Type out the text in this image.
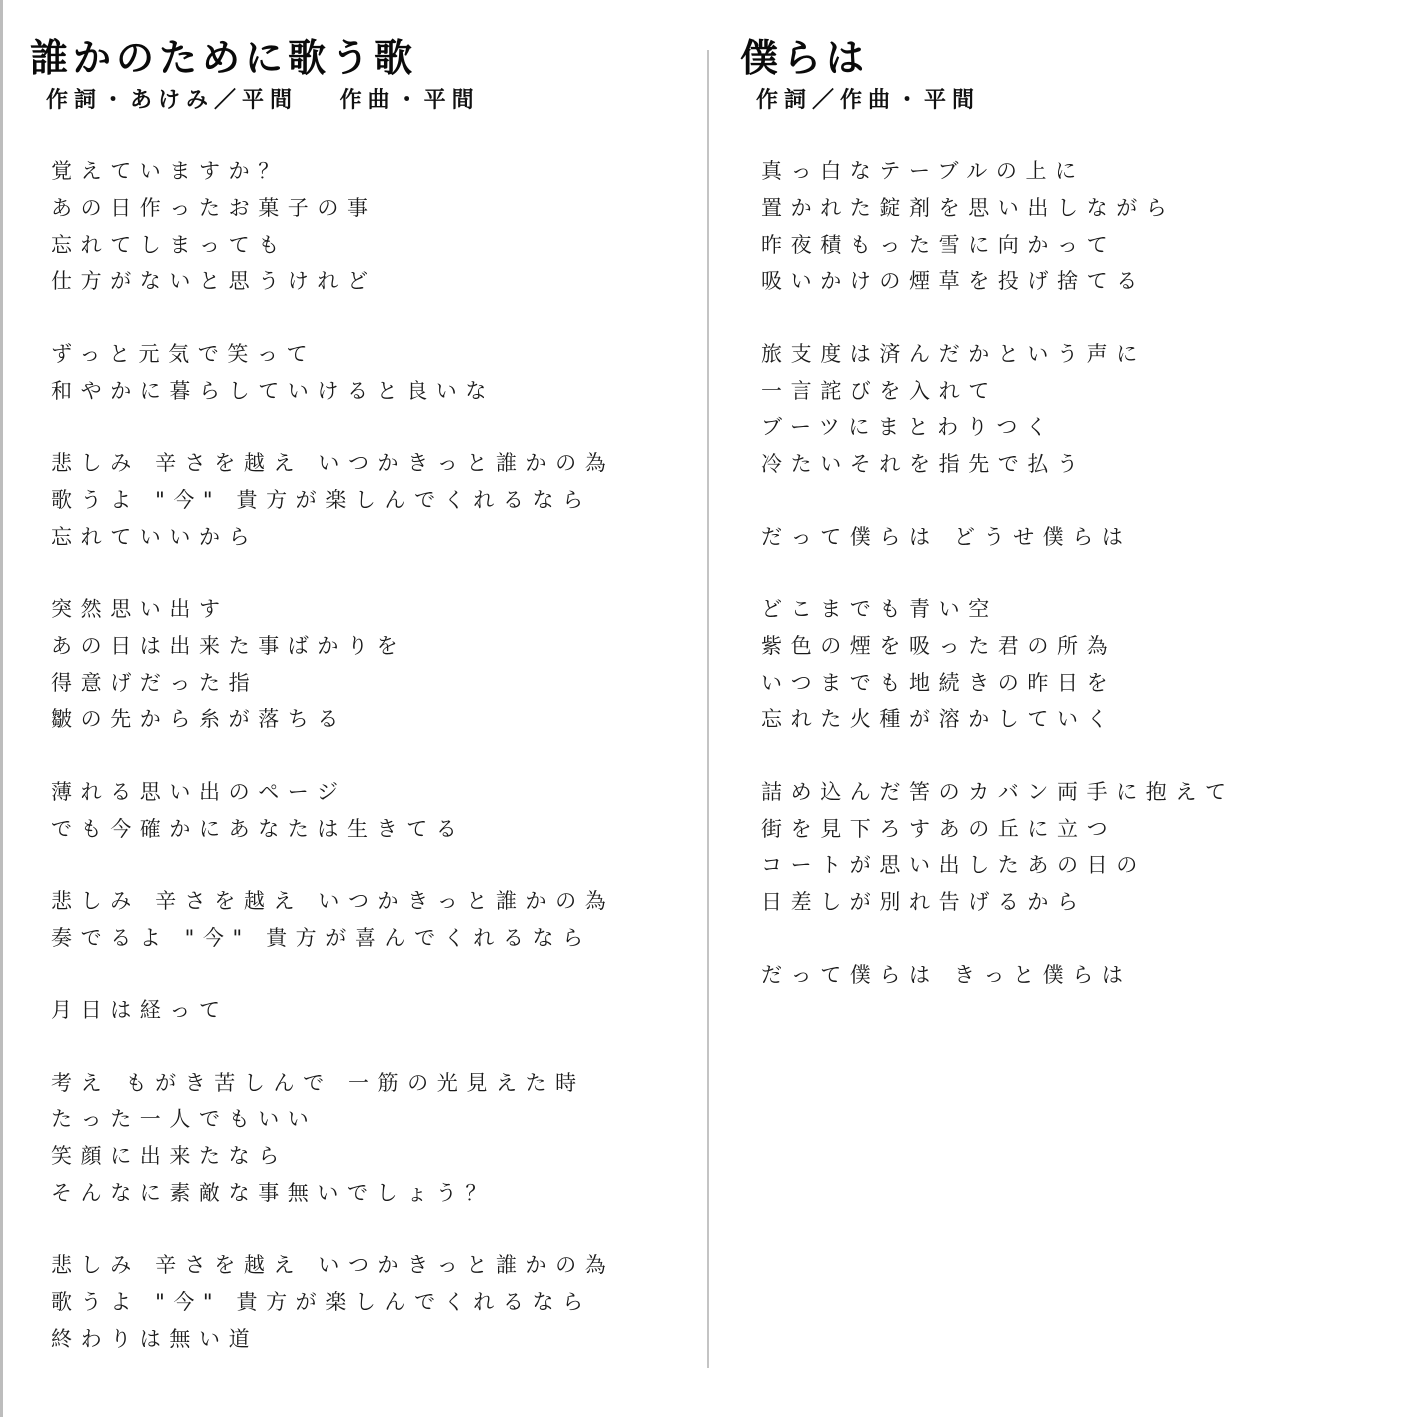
誰かのために歌う歌
作詞・あけみ／平間　 作曲・平間
覚えていますか？
あの日作ったお菓子の事
忘れてしまっても
仕方がないと思うけれど
ずっと元気で笑って
和やかに暮らしていけると良いな
悲しみ 辛さを越え いつかきっと誰かの為
歌うよ "今" 貴方が楽しんでくれるなら
忘れていいから
突然思い出す
あの日は出来た事ばかりを
得意げだった指
皺の先から糸が落ちる
薄れる思い出のページ
でも今確かにあなたは生きてる
悲しみ 辛さを越え いつかきっと誰かの為
奏でるよ "今" 貴方が喜んでくれるなら
月日は経って
考え もがき苦しんで 一筋の光見えた時
たった一人でもいい
笑顔に出来たなら
そんなに素敵な事無いでしょう？
悲しみ 辛さを越え いつかきっと誰かの為
歌うよ "今" 貴方が楽しんでくれるなら
終わりは無い道
僕らは
作詞／作曲・平間
真っ白なテーブルの上に
置かれた錠剤を思い出しながら
昨夜積もった雪に向かって
吸いかけの煙草を投げ捨てる
旅支度は済んだかという声に
一言詫びを入れて
ブーツにまとわりつく
冷たいそれを指先で払う
だって僕らは どうせ僕らは
どこまでも青い空
紫色の煙を吸った君の所為
いつまでも地続きの昨日を
忘れた火種が溶かしていく
詰め込んだ筈のカバン両手に抱えて
街を見下ろすあの丘に立つ
コートが思い出したあの日の
日差しが別れ告げるから
だって僕らは きっと僕らは
